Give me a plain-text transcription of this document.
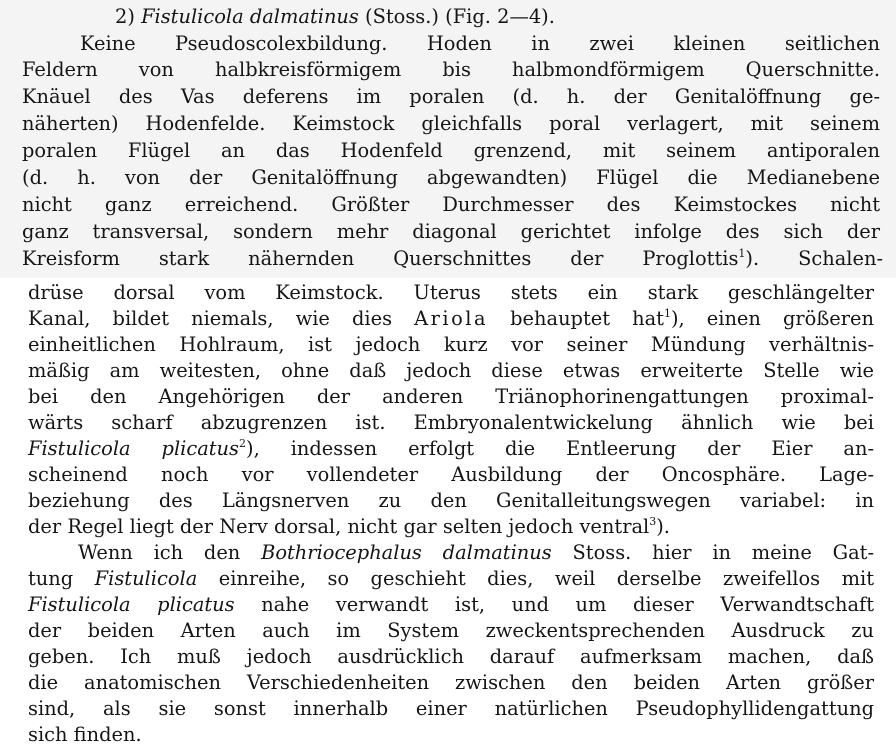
2) Fistulicola dalmatinus (Stoss.) (Fig. 2—4).
Keine Pseudoscolexbildung. Hoden in zwei kleinen seitlichen
Feldern von halbkreisförmigem bis halbmondförmigem Querschnitte.
Knäuel des Vas deferens im poralen (d. h. der Genitalöffnung ge-
näherten) Hodenfelde. Keimstock gleichfalls poral verlagert, mit seinem
poralen Flügel an das Hodenfeld grenzend, mit seinem antiporalen
(d. h. von der Genitalöffnung abgewandten) Flügel die Medianebene
nicht ganz erreichend. Größter Durchmesser des Keimstockes nicht
ganz transversal, sondern mehr diagonal gerichtet infolge des sich der
Kreisform stark nähernden Querschnittes der Proglottis$^1$). Schalen-
drüse dorsal vom Keimstock. Uterus stets ein stark geschlängelter
Kanal, bildet niemals, wie dies Ariola behauptet hat$^1$), einen größeren
einheitlichen Hohlraum, ist jedoch kurz vor seiner Mündung verhältnis-
mäßig am weitesten, ohne daß jedoch diese etwas erweiterte Stelle wie
bei den Angehörigen der anderen Triänophorinengattungen proximal-
wärts scharf abzugrenzen ist. Embryonalentwickelung ähnlich wie bei
Fistulicola plicatus$^2$), indessen erfolgt die Entleerung der Eier an-
scheinend noch vor vollendeter Ausbildung der Oncosphäre. Lage-
beziehung des Längsnerven zu den Genitalleitungswegen variabel: in
der Regel liegt der Nerv dorsal, nicht gar selten jedoch ventral$^3$).
Wenn ich den Bothriocephalus dalmatinus Stoss. hier in meine Gat-
tung Fistulicola einreihe, so geschieht dies, weil derselbe zweifellos mit
Fistulicola plicatus nahe verwandt ist, und um dieser Verwandtschaft
der beiden Arten auch im System zweckentsprechenden Ausdruck zu
geben. Ich muß jedoch ausdrücklich darauf aufmerksam machen, daß
die anatomischen Verschiedenheiten zwischen den beiden Arten größer
sind, als sie sonst innerhalb einer natürlichen Pseudophyllidengattung
sich finden.
